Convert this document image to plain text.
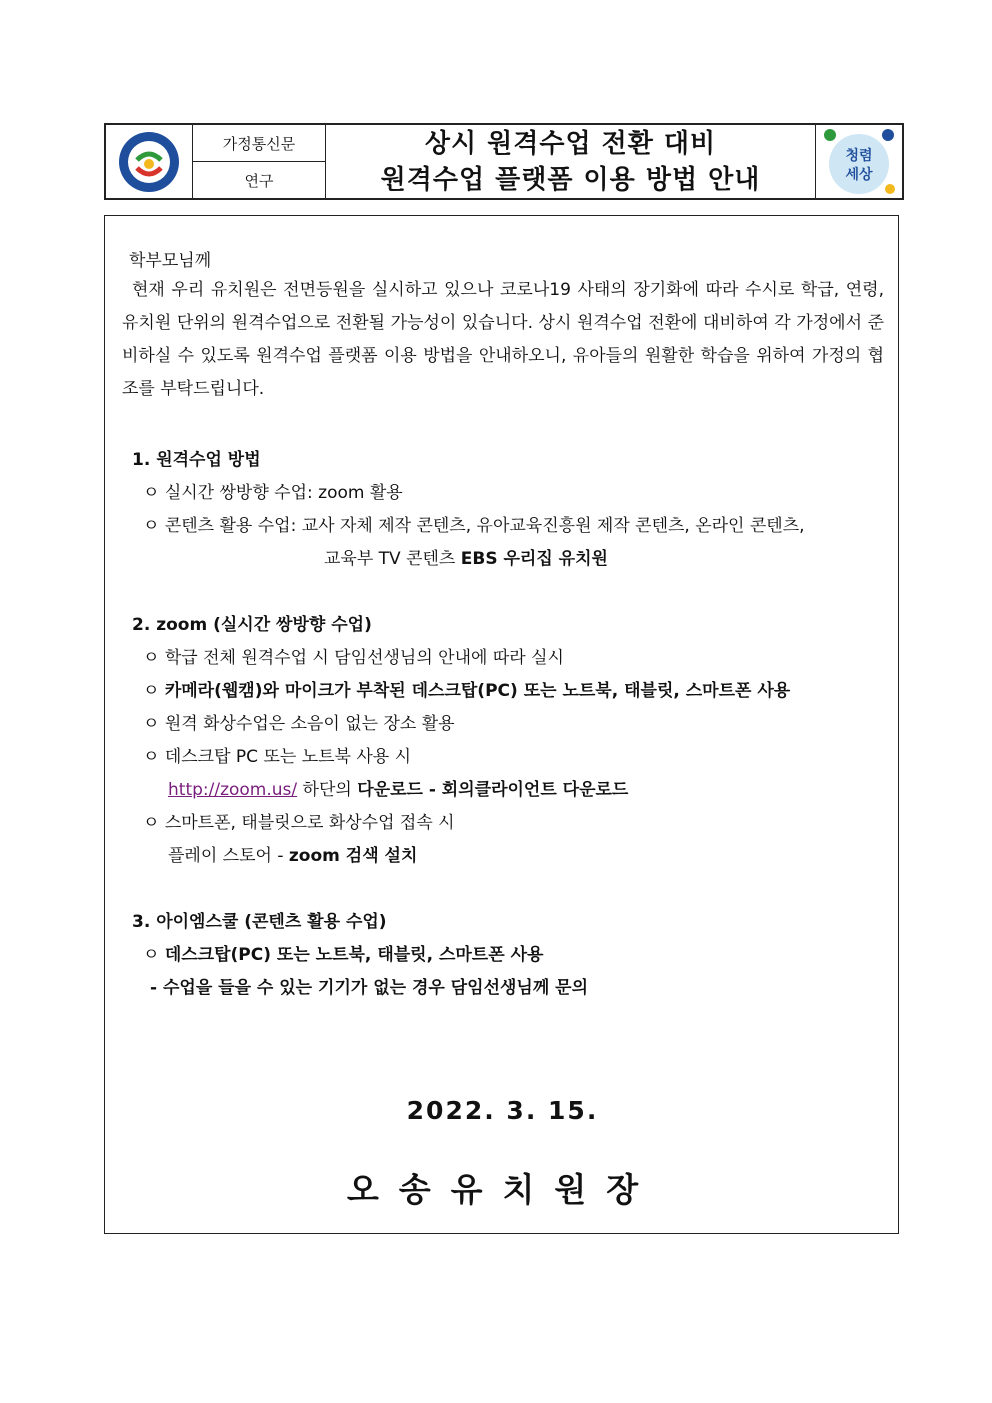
가정통신문
연구
상시 원격수업 전환 대비
원격수업 플랫폼 이용 방법 안내
청렴
세상
학부모님께
현재 우리 유치원은 전면등원을 실시하고 있으나 코로나19 사태의 장기화에 따라 수시로 학급, 연령, 유치원 단위의 원격수업으로 전환될 가능성이 있습니다. 상시 원격수업 전환에 대비하여 각 가정에서 준비하실 수 있도록 원격수업 플랫폼 이용 방법을 안내하오니, 유아들의 원활한 학습을 위하여 가정의 협조를 부탁드립니다.
1. 원격수업 방법
ㅇ 실시간 쌍방향 수업: zoom 활용
ㅇ 콘텐츠 활용 수업: 교사 자체 제작 콘텐츠, 유아교육진흥원 제작 콘텐츠, 온라인 콘텐츠,
교육부 TV 콘텐츠 EBS 우리집 유치원
2. zoom (실시간 쌍방향 수업)
ㅇ 학급 전체 원격수업 시 담임선생님의 안내에 따라 실시
ㅇ 카메라(웹캠)와 마이크가 부착된 데스크탑(PC) 또는 노트북, 태블릿, 스마트폰 사용
ㅇ 원격 화상수업은 소음이 없는 장소 활용
ㅇ 데스크탑 PC 또는 노트북 사용 시
http://zoom.us/ 하단의 다운로드 - 회의클라이언트 다운로드
ㅇ 스마트폰, 태블릿으로 화상수업 접속 시
플레이 스토어 - zoom 검색 설치
3. 아이엠스쿨 (콘텐츠 활용 수업)
ㅇ 데스크탑(PC) 또는 노트북, 태블릿, 스마트폰 사용
- 수업을 들을 수 있는 기기가 없는 경우 담임선생님께 문의
2022. 3. 15.
오송유치원장
